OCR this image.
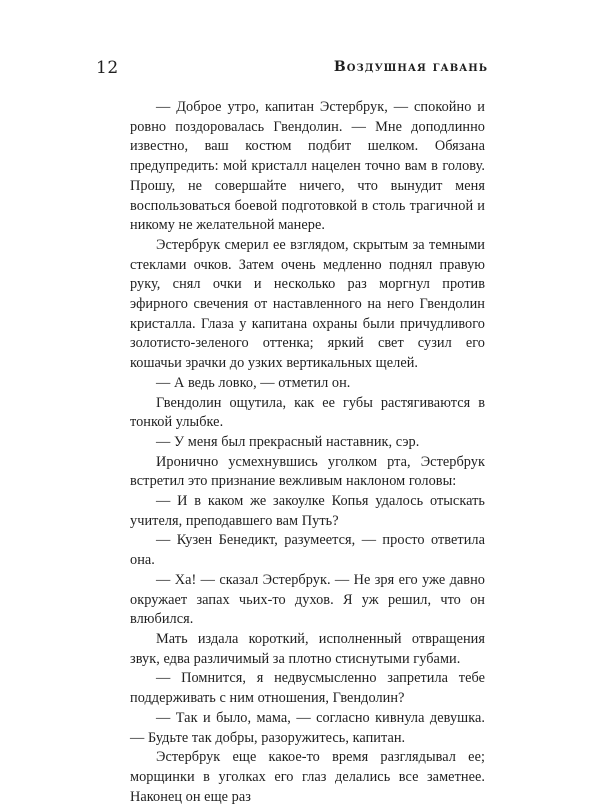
12	Воздушная гавань

— Доброе утро, капитан Эстербрук, — спокойно и ровно поздоровалась Гвендолин. — Мне доподлинно известно, ваш костюм подбит шелком. Обязана предупредить: мой кристалл нацелен точно вам в голову. Прошу, не совершайте ничего, что вынудит меня воспользоваться боевой подготовкой в столь трагичной и никому не желательной манере.

Эстербрук смерил ее взглядом, скрытым за темными стеклами очков. Затем очень медленно поднял правую руку, снял очки и несколько раз моргнул против эфирного свечения от наставленного на него Гвендолин кристалла. Глаза у капитана охраны были причудливого золотисто-зеленого оттенка; яркий свет сузил его кошачьи зрачки до узких вертикальных щелей.

— А ведь ловко, — отметил он.

Гвендолин ощутила, как ее губы растягиваются в тонкой улыбке.

— У меня был прекрасный наставник, сэр.

Иронично усмехнувшись уголком рта, Эстербрук встретил это признание вежливым наклоном головы:

— И в каком же закоулке Копья удалось отыскать учителя, преподавшего вам Путь?

— Кузен Бенедикт, разумеется, — просто ответила она.

— Ха! — сказал Эстербрук. — Не зря его уже давно окружает запах чьих-то духов. Я уж решил, что он влюбился.

Мать издала короткий, исполненный отвращения звук, едва различимый за плотно стиснутыми губами.

— Помнится, я недвусмысленно запретила тебе поддерживать с ним отношения, Гвендолин?

— Так и было, мама, — согласно кивнула девушка. — Будьте так добры, разоружитесь, капитан.

Эстербрук еще какое-то время разглядывал ее; морщинки в уголках его глаз делались все заметнее. Наконец он еще раз
